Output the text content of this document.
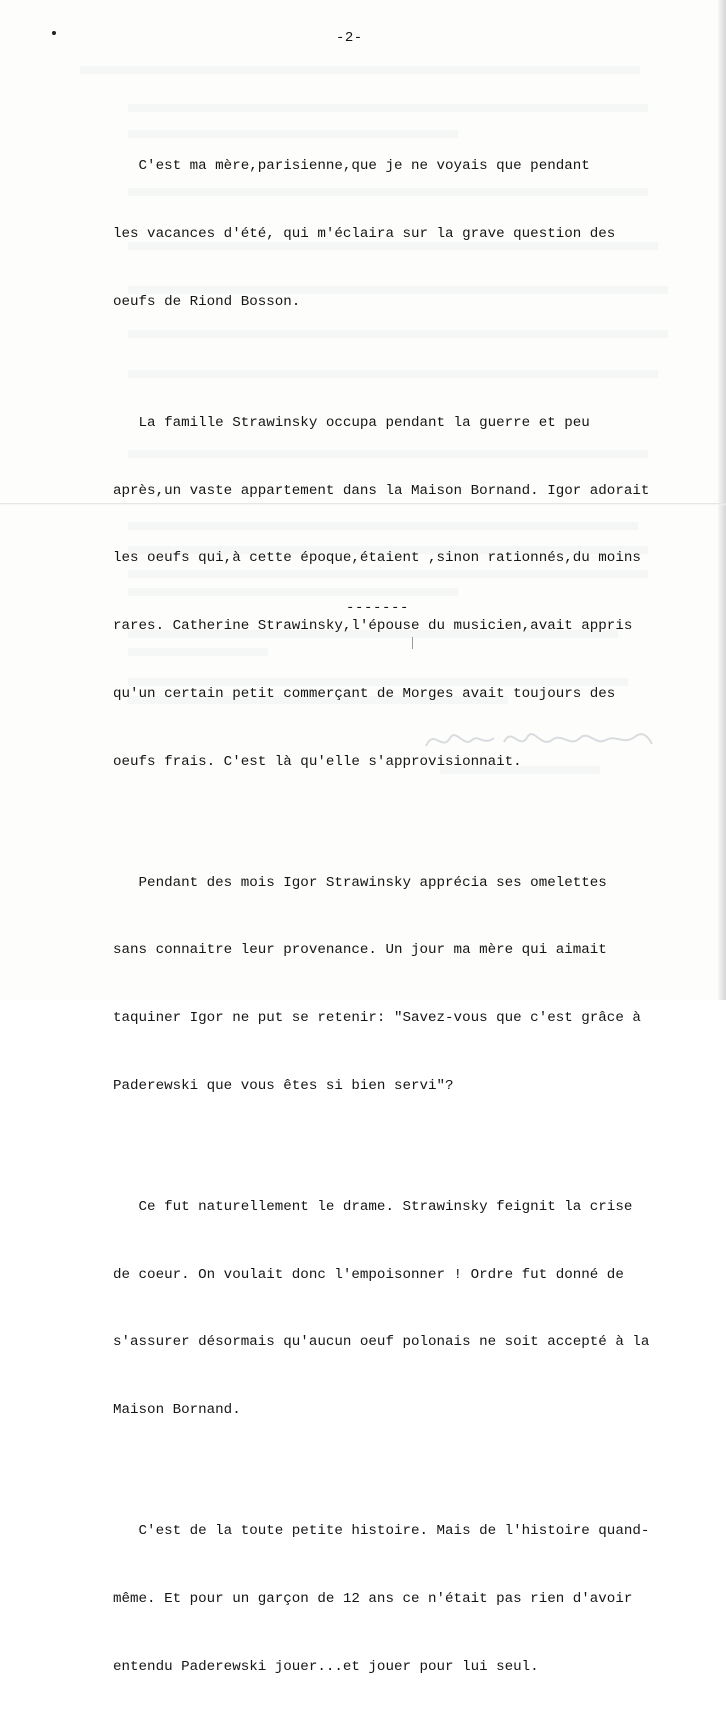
-2-

C'est ma mère,parisienne,que je ne voyais que pendant

les vacances d'été, qui m'éclaira sur la grave question des

oeufs de Riond Bosson.

La famille Strawinsky occupa pendant la guerre et peu

après,un vaste appartement dans la Maison Bornand. Igor adorait

les oeufs qui,à cette époque,étaient ,sinon rationnés,du moins

rares. Catherine Strawinsky,l'épouse du musicien,avait appris

qu'un certain petit commerçant de Morges avait toujours des

oeufs frais. C'est là qu'elle s'approvisionnait.

Pendant des mois Igor Strawinsky apprécia ses omelettes

sans connaitre leur provenance. Un jour ma mère qui aimait

taquiner Igor ne put se retenir: "Savez-vous que c'est grâce à

Paderewski que vous êtes si bien servi"?

Ce fut naturellement le drame. Strawinsky feignit la crise

de coeur. On voulait donc l'empoisonner ! Ordre fut donné de

s'assurer désormais qu'aucun oeuf polonais ne soit accepté à la

Maison Bornand.

C'est de la toute petite histoire. Mais de l'histoire quand-

même. Et pour un garçon de 12 ans ce n'était pas rien d'avoir

entendu Paderewski jouer...et jouer pour lui seul.

-------
